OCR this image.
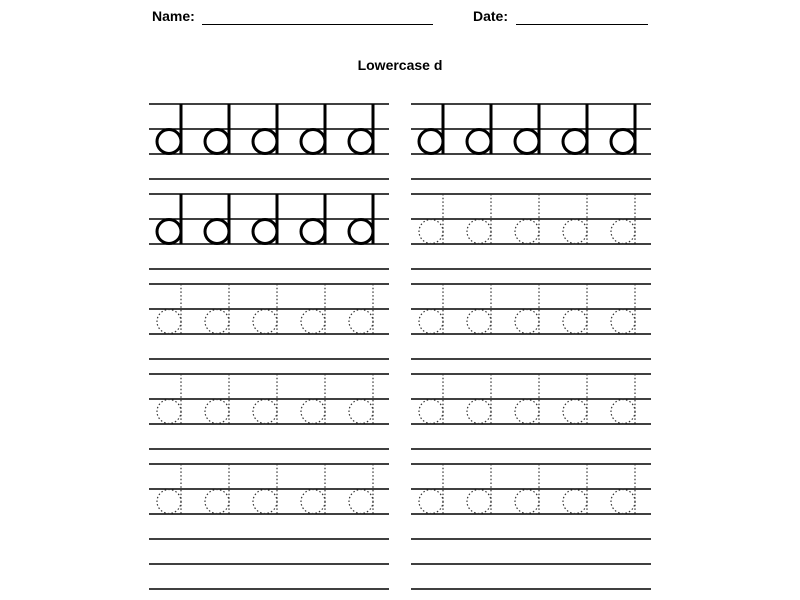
Name:	Date:
Lowercase d
